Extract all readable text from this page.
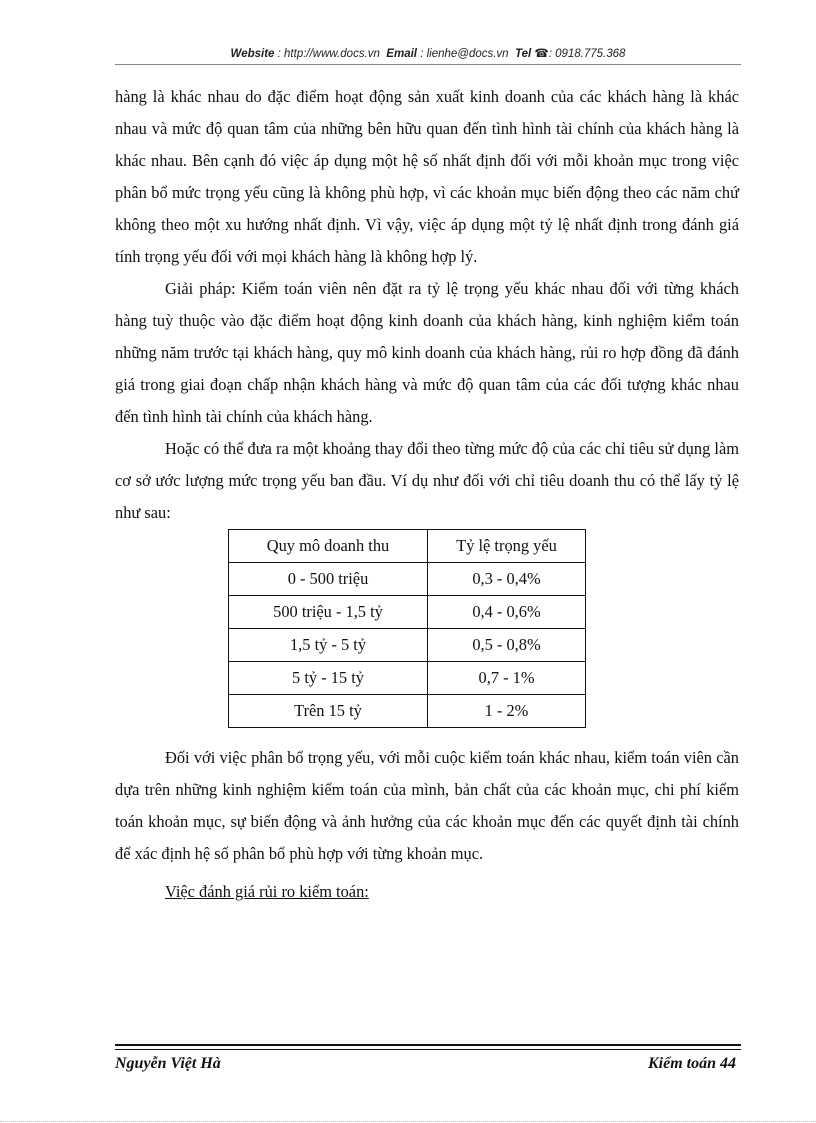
Website : http://www.docs.vn Email : lienhe@docs.vn Tel ☎: 0918.775.368

hàng là khác nhau do đặc điểm hoạt động sản xuất kinh doanh của các khách hàng là khác nhau và mức độ quan tâm của những bên hữu quan đến tình hình tài chính của khách hàng là khác nhau. Bên cạnh đó việc áp dụng một hệ số nhất định đối với mỗi khoản mục trong việc phân bổ mức trọng yếu cũng là không phù hợp, vì các khoản mục biến động theo các năm chứ không theo một xu hướng nhất định. Vì vậy, việc áp dụng một tỷ lệ nhất định trong đánh giá tính trọng yếu đối với mọi khách hàng là không hợp lý.

Giải pháp: Kiểm toán viên nên đặt ra tỷ lệ trọng yếu khác nhau đối với từng khách hàng tuỳ thuộc vào đặc điểm hoạt động kinh doanh của khách hàng, kinh nghiệm kiểm toán những năm trước tại khách hàng, quy mô kinh doanh của khách hàng, rủi ro hợp đồng đã đánh giá trong giai đoạn chấp nhận khách hàng và mức độ quan tâm của các đối tượng khác nhau đến tình hình tài chính của khách hàng.

Hoặc có thể đưa ra một khoảng thay đổi theo từng mức độ của các chỉ tiêu sử dụng làm cơ sở ước lượng mức trọng yếu ban đầu. Ví dụ như đối với chỉ tiêu doanh thu có thể lấy tỷ lệ như sau:

Quy mô doanh thu	Tỷ lệ trọng yếu
0 - 500 triệu	0,3 - 0,4%
500 triệu - 1,5 tỷ	0,4 - 0,6%
1,5 tỷ - 5 tỷ	0,5 - 0,8%
5 tỷ - 15 tỷ	0,7 - 1%
Trên 15 tỷ	1 - 2%

Đối với việc phân bổ trọng yếu, với mỗi cuộc kiểm toán khác nhau, kiểm toán viên cần dựa trên những kinh nghiệm kiểm toán của mình, bản chất của các khoản mục, chi phí kiểm toán khoản mục, sự biến động và ảnh hưởng của các khoản mục đến các quyết định tài chính để xác định hệ số phân bổ phù hợp với từng khoản mục.

Việc đánh giá rủi ro kiểm toán:

Nguyễn Việt Hà	Kiểm toán 44
